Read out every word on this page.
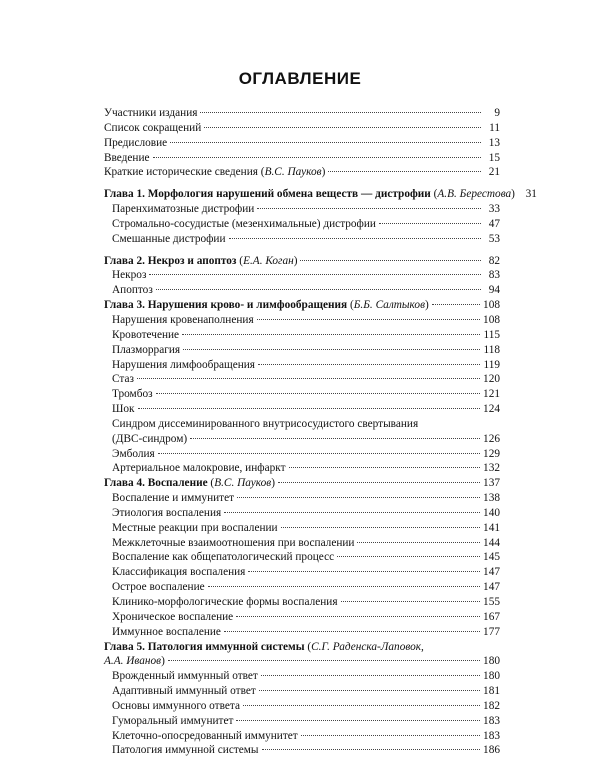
ОГЛАВЛЕНИЕ
Участники издания	9
Список сокращений	11
Предисловие	13
Введение	15
Краткие исторические сведения (В.С. Пауков)	21
Глава 1. Морфология нарушений обмена веществ — дистрофии (А.В. Берестова) 31
Паренхиматозные дистрофии	33
Стромально-сосудистые (мезенхимальные) дистрофии	47
Смешанные дистрофии	53
Глава 2. Некроз и апоптоз (Е.А. Коган)	82
Некроз	83
Апоптоз	94
Глава 3. Нарушения крово- и лимфообращения (Б.Б. Салтыков)	108
Нарушения кровенаполнения	108
Кровотечение	115
Плазморрагия	118
Нарушения лимфообращения	119
Стаз	120
Тромбоз	121
Шок	124
Синдром диссеминированного внутрисосудистого свертывания
(ДВС-синдром)	126
Эмболия	129
Артериальное малокровие, инфаркт	132
Глава 4. Воспаление (В.С. Пауков)	137
Воспаление и иммунитет	138
Этиология воспаления	140
Местные реакции при воспалении	141
Межклеточные взаимоотношения при воспалении	144
Воспаление как общепатологический процесс	145
Классификация воспаления	147
Острое воспаление	147
Клинико-морфологические формы воспаления	155
Хроническое воспаление	167
Иммунное воспаление	177
Глава 5. Патология иммунной системы (С.Г. Раденска-Лаповок,
А.А. Иванов)	180
Врожденный иммунный ответ	180
Адаптивный иммунный ответ	181
Основы иммунного ответа	182
Гуморальный иммунитет	183
Клеточно-опосредованный иммунитет	183
Патология иммунной системы	186
